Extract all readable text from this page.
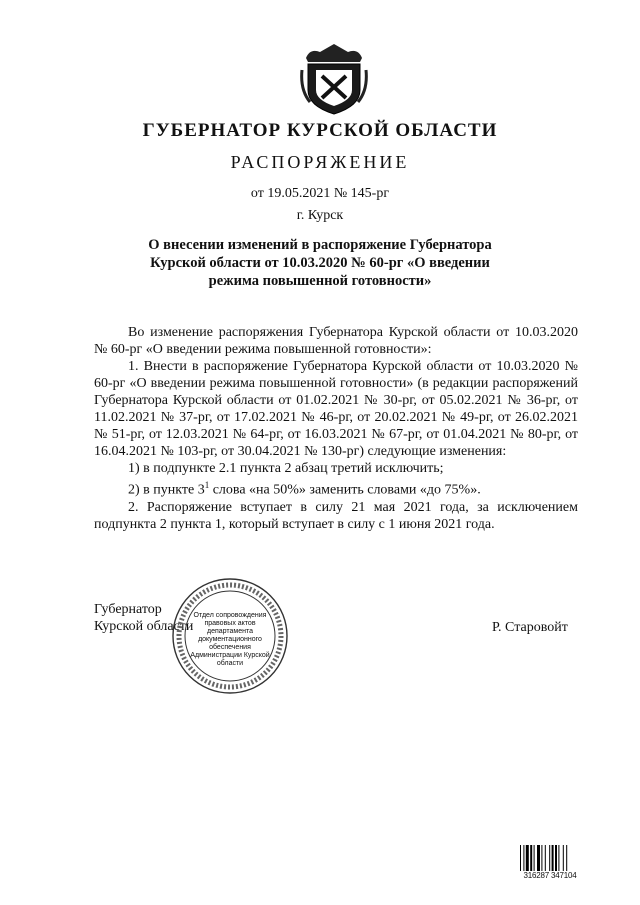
ГУБЕРНАТОР КУРСКОЙ ОБЛАСТИ
РАСПОРЯЖЕНИЕ
от 19.05.2021 № 145-рг
г. Курск
О внесении изменений в распоряжение Губернатора
Курской области от 10.03.2020 № 60-рг «О введении
режима повышенной готовности»

Во изменение распоряжения Губернатора Курской области от 10.03.2020 № 60-рг «О введении режима повышенной готовности»:

1. Внести в распоряжение Губернатора Курской области от 10.03.2020 № 60-рг «О введении режима повышенной готовности» (в редакции распоряжений Губернатора Курской области от 01.02.2021 № 30-рг, от 05.02.2021 № 36-рг, от 11.02.2021 № 37-рг, от 17.02.2021 № 46-рг, от 20.02.2021 № 49-рг, от 26.02.2021 № 51-рг, от 12.03.2021 № 64-рг, от 16.03.2021 № 67-рг, от 01.04.2021 № 80-рг, от 16.04.2021 № 103-рг, от 30.04.2021 № 130-рг) следующие изменения:

1) в подпункте 2.1 пункта 2 абзац третий исключить;

2) в пункте $3^1$ слова «на 50%» заменить словами «до 75%».

2. Распоряжение вступает в силу 21 мая 2021 года, за исключением подпункта 2 пункта 1, который вступает в силу с 1 июня 2021 года.

Губернатор
Курской области	Р. Старовойт
Отдел сопровождения правовых актов департамента документационного обеспечения Администрации Курской области
316287 347104
